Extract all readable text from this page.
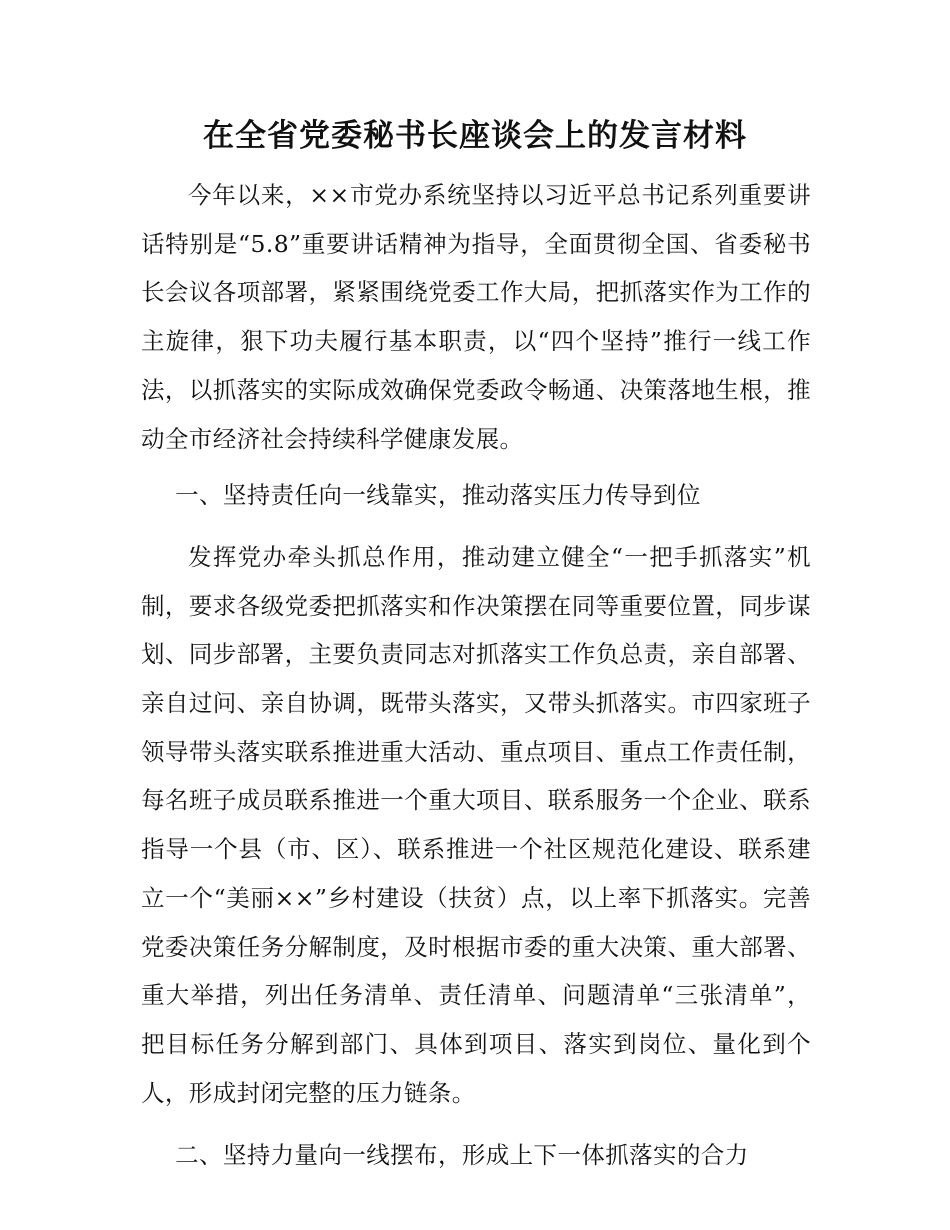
在全省党委秘书长座谈会上的发言材料

今年以来，××市党办系统坚持以习近平总书记系列重要讲话特别是“5.8”重要讲话精神为指导，全面贯彻全国、省委秘书长会议各项部署，紧紧围绕党委工作大局，把抓落实作为工作的主旋律，狠下功夫履行基本职责，以“四个坚持”推行一线工作法，以抓落实的实际成效确保党委政令畅通、决策落地生根，推动全市经济社会持续科学健康发展。

一、坚持责任向一线靠实，推动落实压力传导到位

发挥党办牵头抓总作用，推动建立健全“一把手抓落实”机制，要求各级党委把抓落实和作决策摆在同等重要位置，同步谋划、同步部署，主要负责同志对抓落实工作负总责，亲自部署、亲自过问、亲自协调，既带头落实，又带头抓落实。市四家班子领导带头落实联系推进重大活动、重点项目、重点工作责任制，每名班子成员联系推进一个重大项目、联系服务一个企业、联系指导一个县（市、区）、联系推进一个社区规范化建设、联系建立一个“美丽××”乡村建设（扶贫）点，以上率下抓落实。完善党委决策任务分解制度，及时根据市委的重大决策、重大部署、重大举措，列出任务清单、责任清单、问题清单“三张清单”，把目标任务分解到部门、具体到项目、落实到岗位、量化到个人，形成封闭完整的压力链条。

二、坚持力量向一线摆布，形成上下一体抓落实的合力
